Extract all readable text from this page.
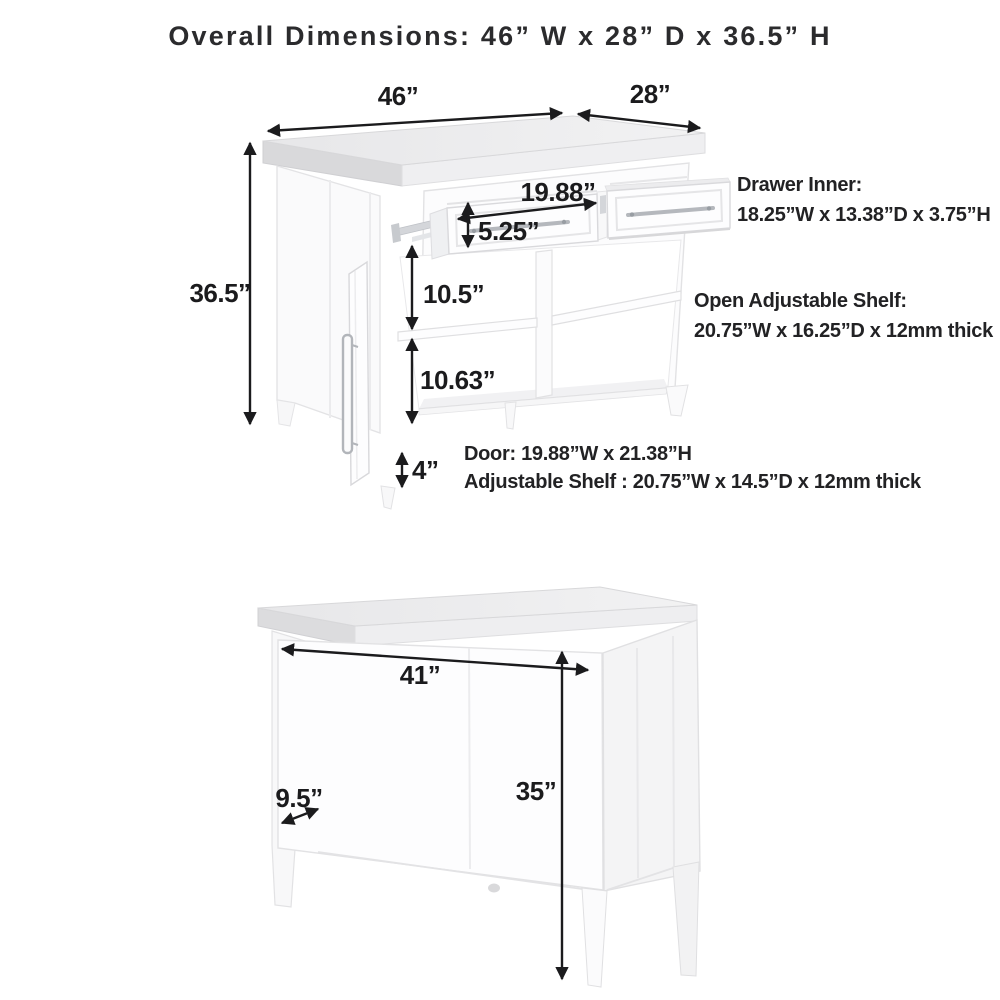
Overall Dimensions: 46” W x 28” D x 36.5” H
46”	28”
36.5”
19.88”
5.25”
10.5”
10.63”
4”
Drawer Inner:
18.25”W x 13.38”D x 3.75”H
Open Adjustable Shelf:
20.75”W x 16.25”D x 12mm thick
Door: 19.88”W x 21.38”H
Adjustable Shelf : 20.75”W x 14.5”D x 12mm thick
41”
35”
9.5”
